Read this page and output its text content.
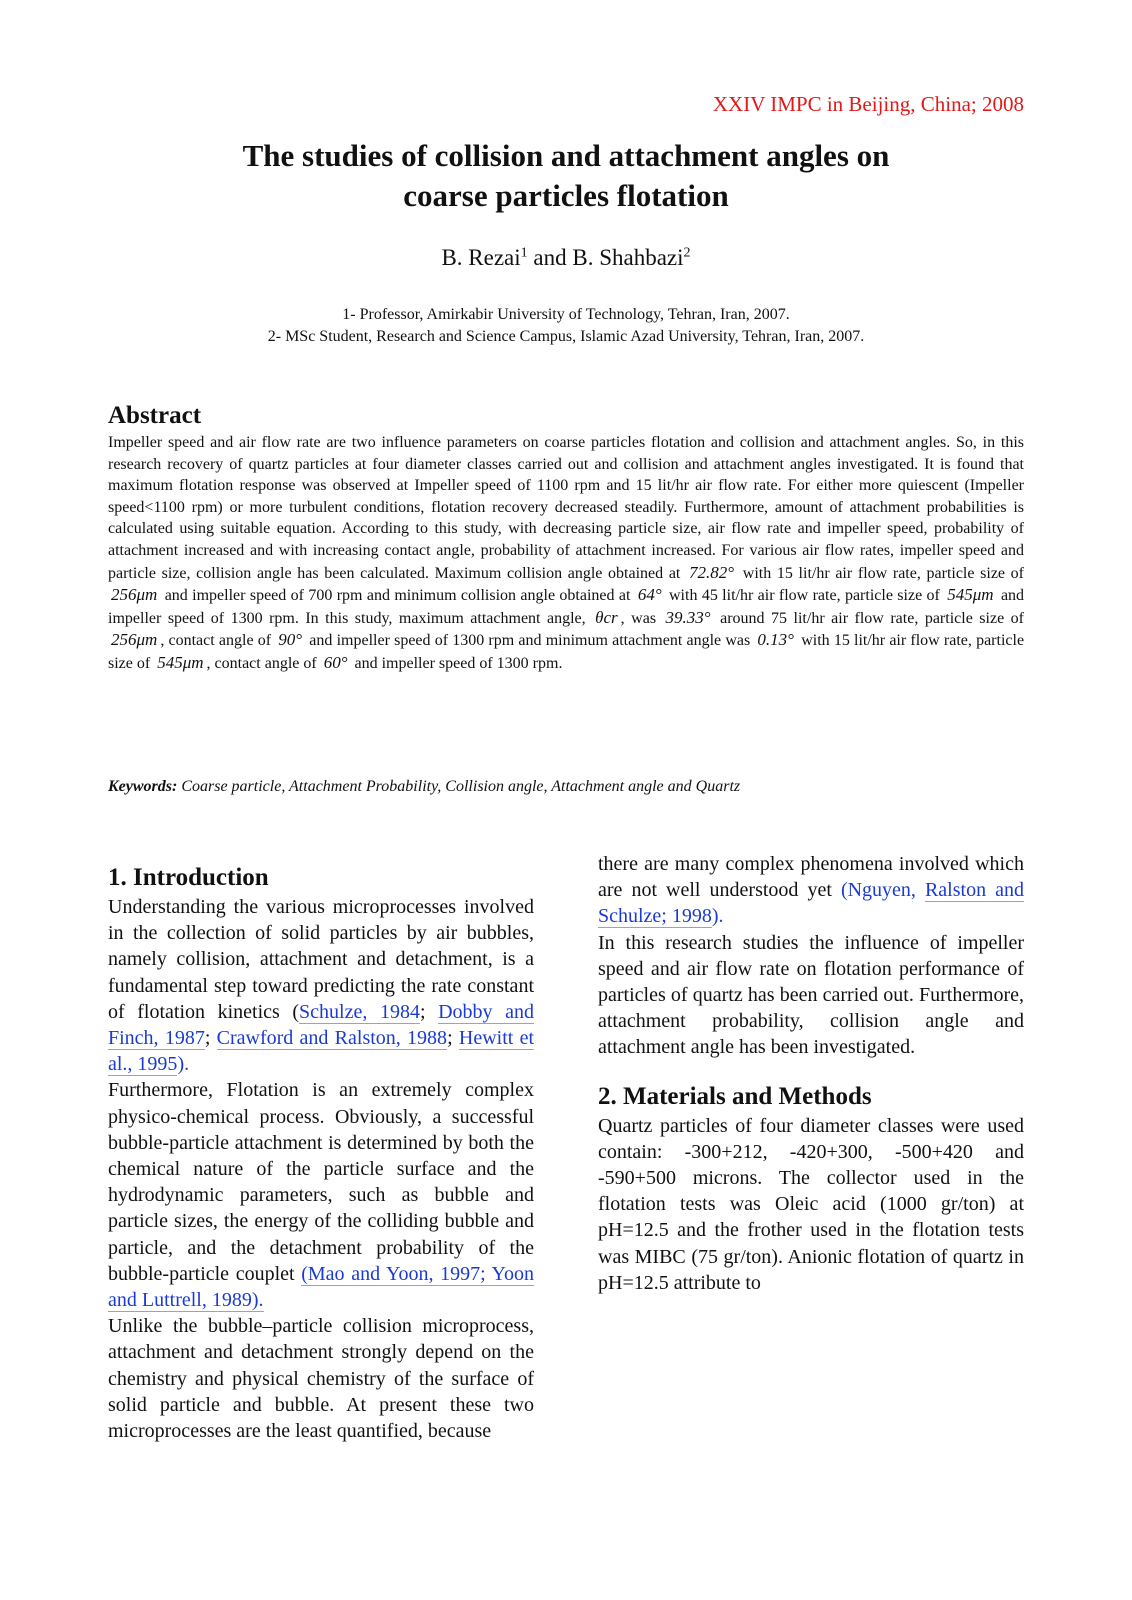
XXIV IMPC in Beijing, China; 2008
The studies of collision and attachment angles on
coarse particles flotation
B. Rezai$^1$ and B. Shahbazi$^2$
1- Professor, Amirkabir University of Technology, Tehran, Iran, 2007.
2- MSc Student, Research and Science Campus, Islamic Azad University, Tehran, Iran, 2007.
Abstract
Impeller speed and air flow rate are two influence parameters on coarse particles flotation and collision and attachment angles. So, in this research recovery of quartz particles at four diameter classes carried out and collision and attachment angles investigated. It is found that maximum flotation response was observed at Impeller speed of 1100 rpm and 15 lit/hr air flow rate. For either more quiescent (Impeller speed<1100 rpm) or more turbulent conditions, flotation recovery decreased steadily. Furthermore, amount of attachment probabilities is calculated using suitable equation. According to this study, with decreasing particle size, air flow rate and impeller speed, probability of attachment increased and with increasing contact angle, probability of attachment increased. For various air flow rates, impeller speed and particle size, collision angle has been calculated. Maximum collision angle obtained at 72.82° with 15 lit/hr air flow rate, particle size of 256μm and impeller speed of 700 rpm and minimum collision angle obtained at 64° with 45 lit/hr air flow rate, particle size of 545μm and impeller speed of 1300 rpm. In this study, maximum attachment angle, θcr , was 39.33° around 75 lit/hr air flow rate, particle size of 256μm , contact angle of 90° and impeller speed of 1300 rpm and minimum attachment angle was 0.13° with 15 lit/hr air flow rate, particle size of 545μm , contact angle of 60° and impeller speed of 1300 rpm.
Keywords: Coarse particle, Attachment Probability, Collision angle, Attachment angle and Quartz
1. Introduction

Understanding the various microprocesses involved in the collection of solid particles by air bubbles, namely collision, attachment and detachment, is a fundamental step toward predicting the rate constant of flotation kinetics (Schulze, 1984; Dobby and Finch, 1987; Crawford and Ralston, 1988; Hewitt et al., 1995).

Furthermore, Flotation is an extremely complex physico-chemical process. Obviously, a successful bubble-particle attachment is determined by both the chemical nature of the particle surface and the hydrodynamic parameters, such as bubble and particle sizes, the energy of the colliding bubble and particle, and the detachment probability of the bubble-particle couplet (Mao and Yoon, 1997; Yoon and Luttrell, 1989).

Unlike the bubble–particle collision microprocess, attachment and detachment strongly depend on the chemistry and physical chemistry of the surface of solid particle and bubble. At present these two microprocesses are the least quantified, because

there are many complex phenomena involved which are not well understood yet (Nguyen, Ralston and Schulze; 1998).

In this research studies the influence of impeller speed and air flow rate on flotation performance of particles of quartz has been carried out. Furthermore, attachment probability, collision angle and attachment angle has been investigated.

2. Materials and Methods

Quartz particles of four diameter classes were used contain: -300+212, -420+300, -500+420 and -590+500 microns. The collector used in the flotation tests was Oleic acid (1000 gr/ton) at pH=12.5 and the frother used in the flotation tests was MIBC (75 gr/ton). Anionic flotation of quartz in pH=12.5 attribute to
